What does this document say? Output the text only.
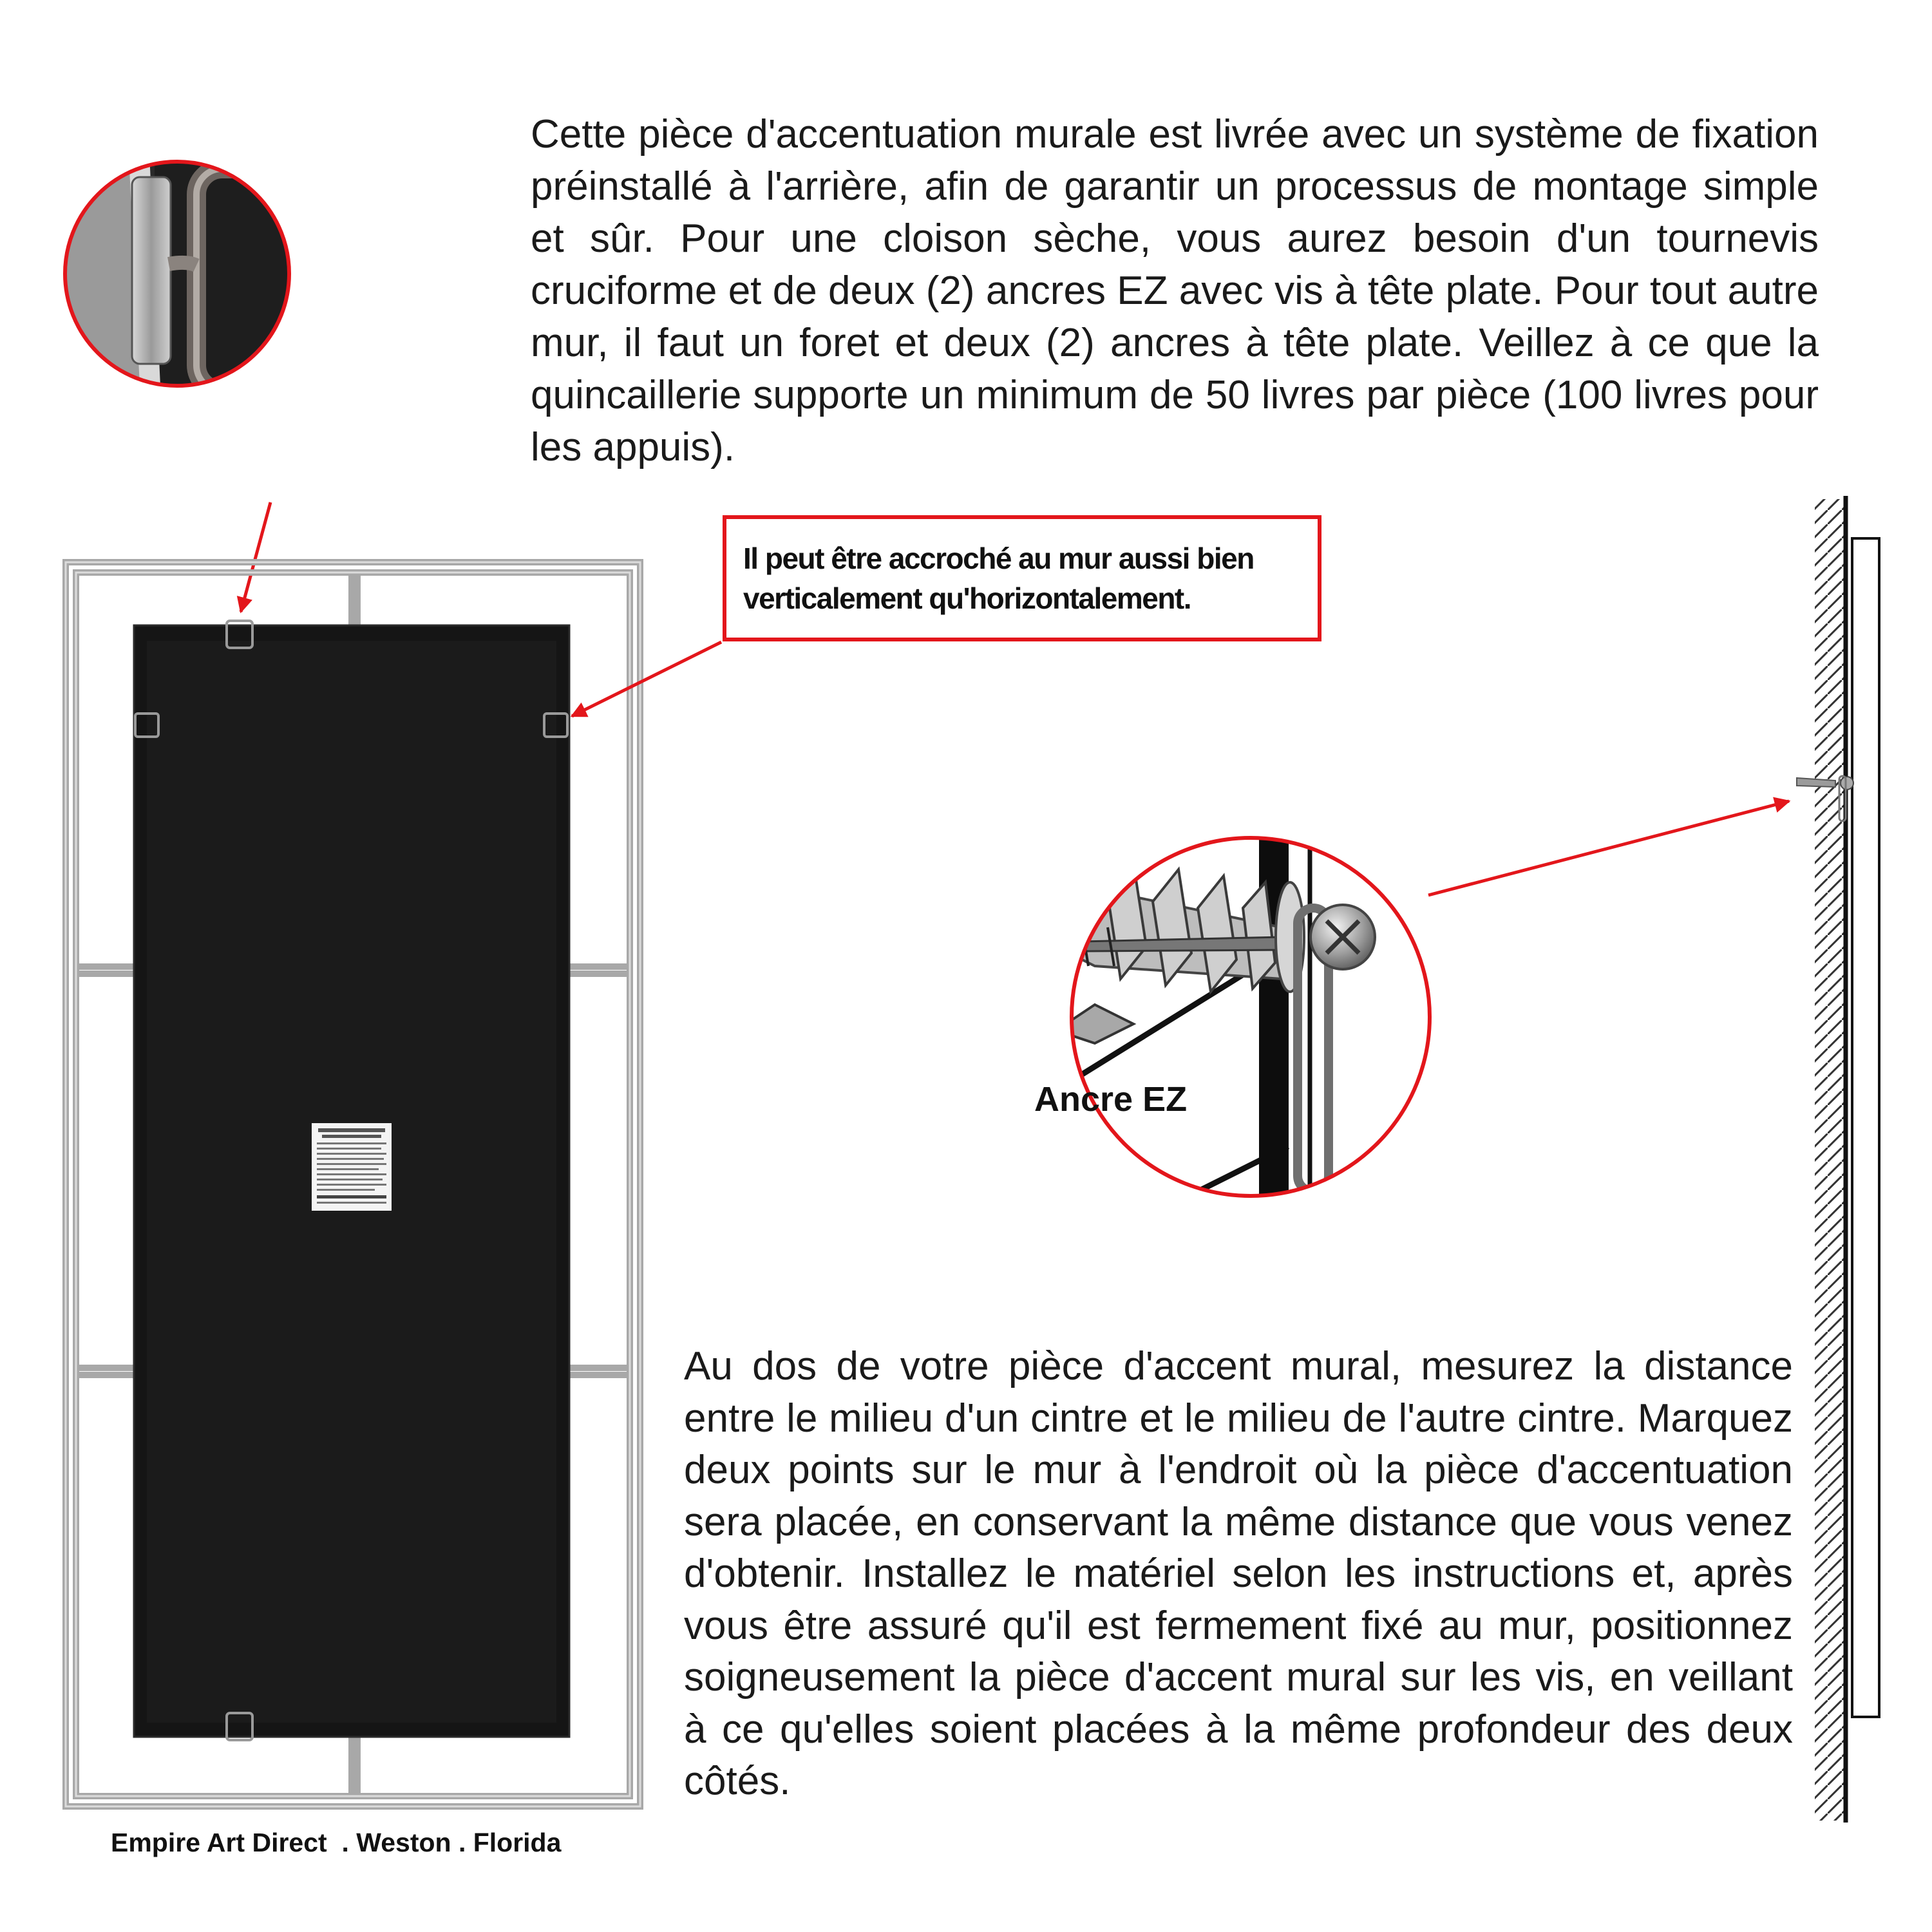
Cette pièce d'accentuation murale est livrée avec un système de fixation préinstallé à l'arrière, afin de garantir un processus de montage simple et sûr. Pour une cloison sèche, vous aurez besoin d'un tournevis cruciforme et de deux (2) ancres EZ avec vis à tête plate. Pour tout autre mur, il faut un foret et deux (2) ancres à tête plate. Veillez à ce que la quincaillerie supporte un minimum de 50 livres par pièce (100 livres pour les appuis).

Il peut être accroché au mur aussi bien

verticalement qu'horizontalement.

Ancre EZ

Au dos de votre pièce d'accent mural, mesurez la distance entre le milieu d'un cintre et le milieu de l'autre cintre. Marquez deux points sur le mur à l'endroit où la pièce d'accentuation sera placée, en conservant la même distance que vous venez d'obtenir. Installez le matériel selon les instructions et, après vous être assuré qu'il est fermement fixé au mur, positionnez soigneusement la pièce d'accent mural sur les vis, en veillant à ce qu'elles soient placées à la même profondeur des deux côtés.

Empire Art Direct  . Weston . Florida
